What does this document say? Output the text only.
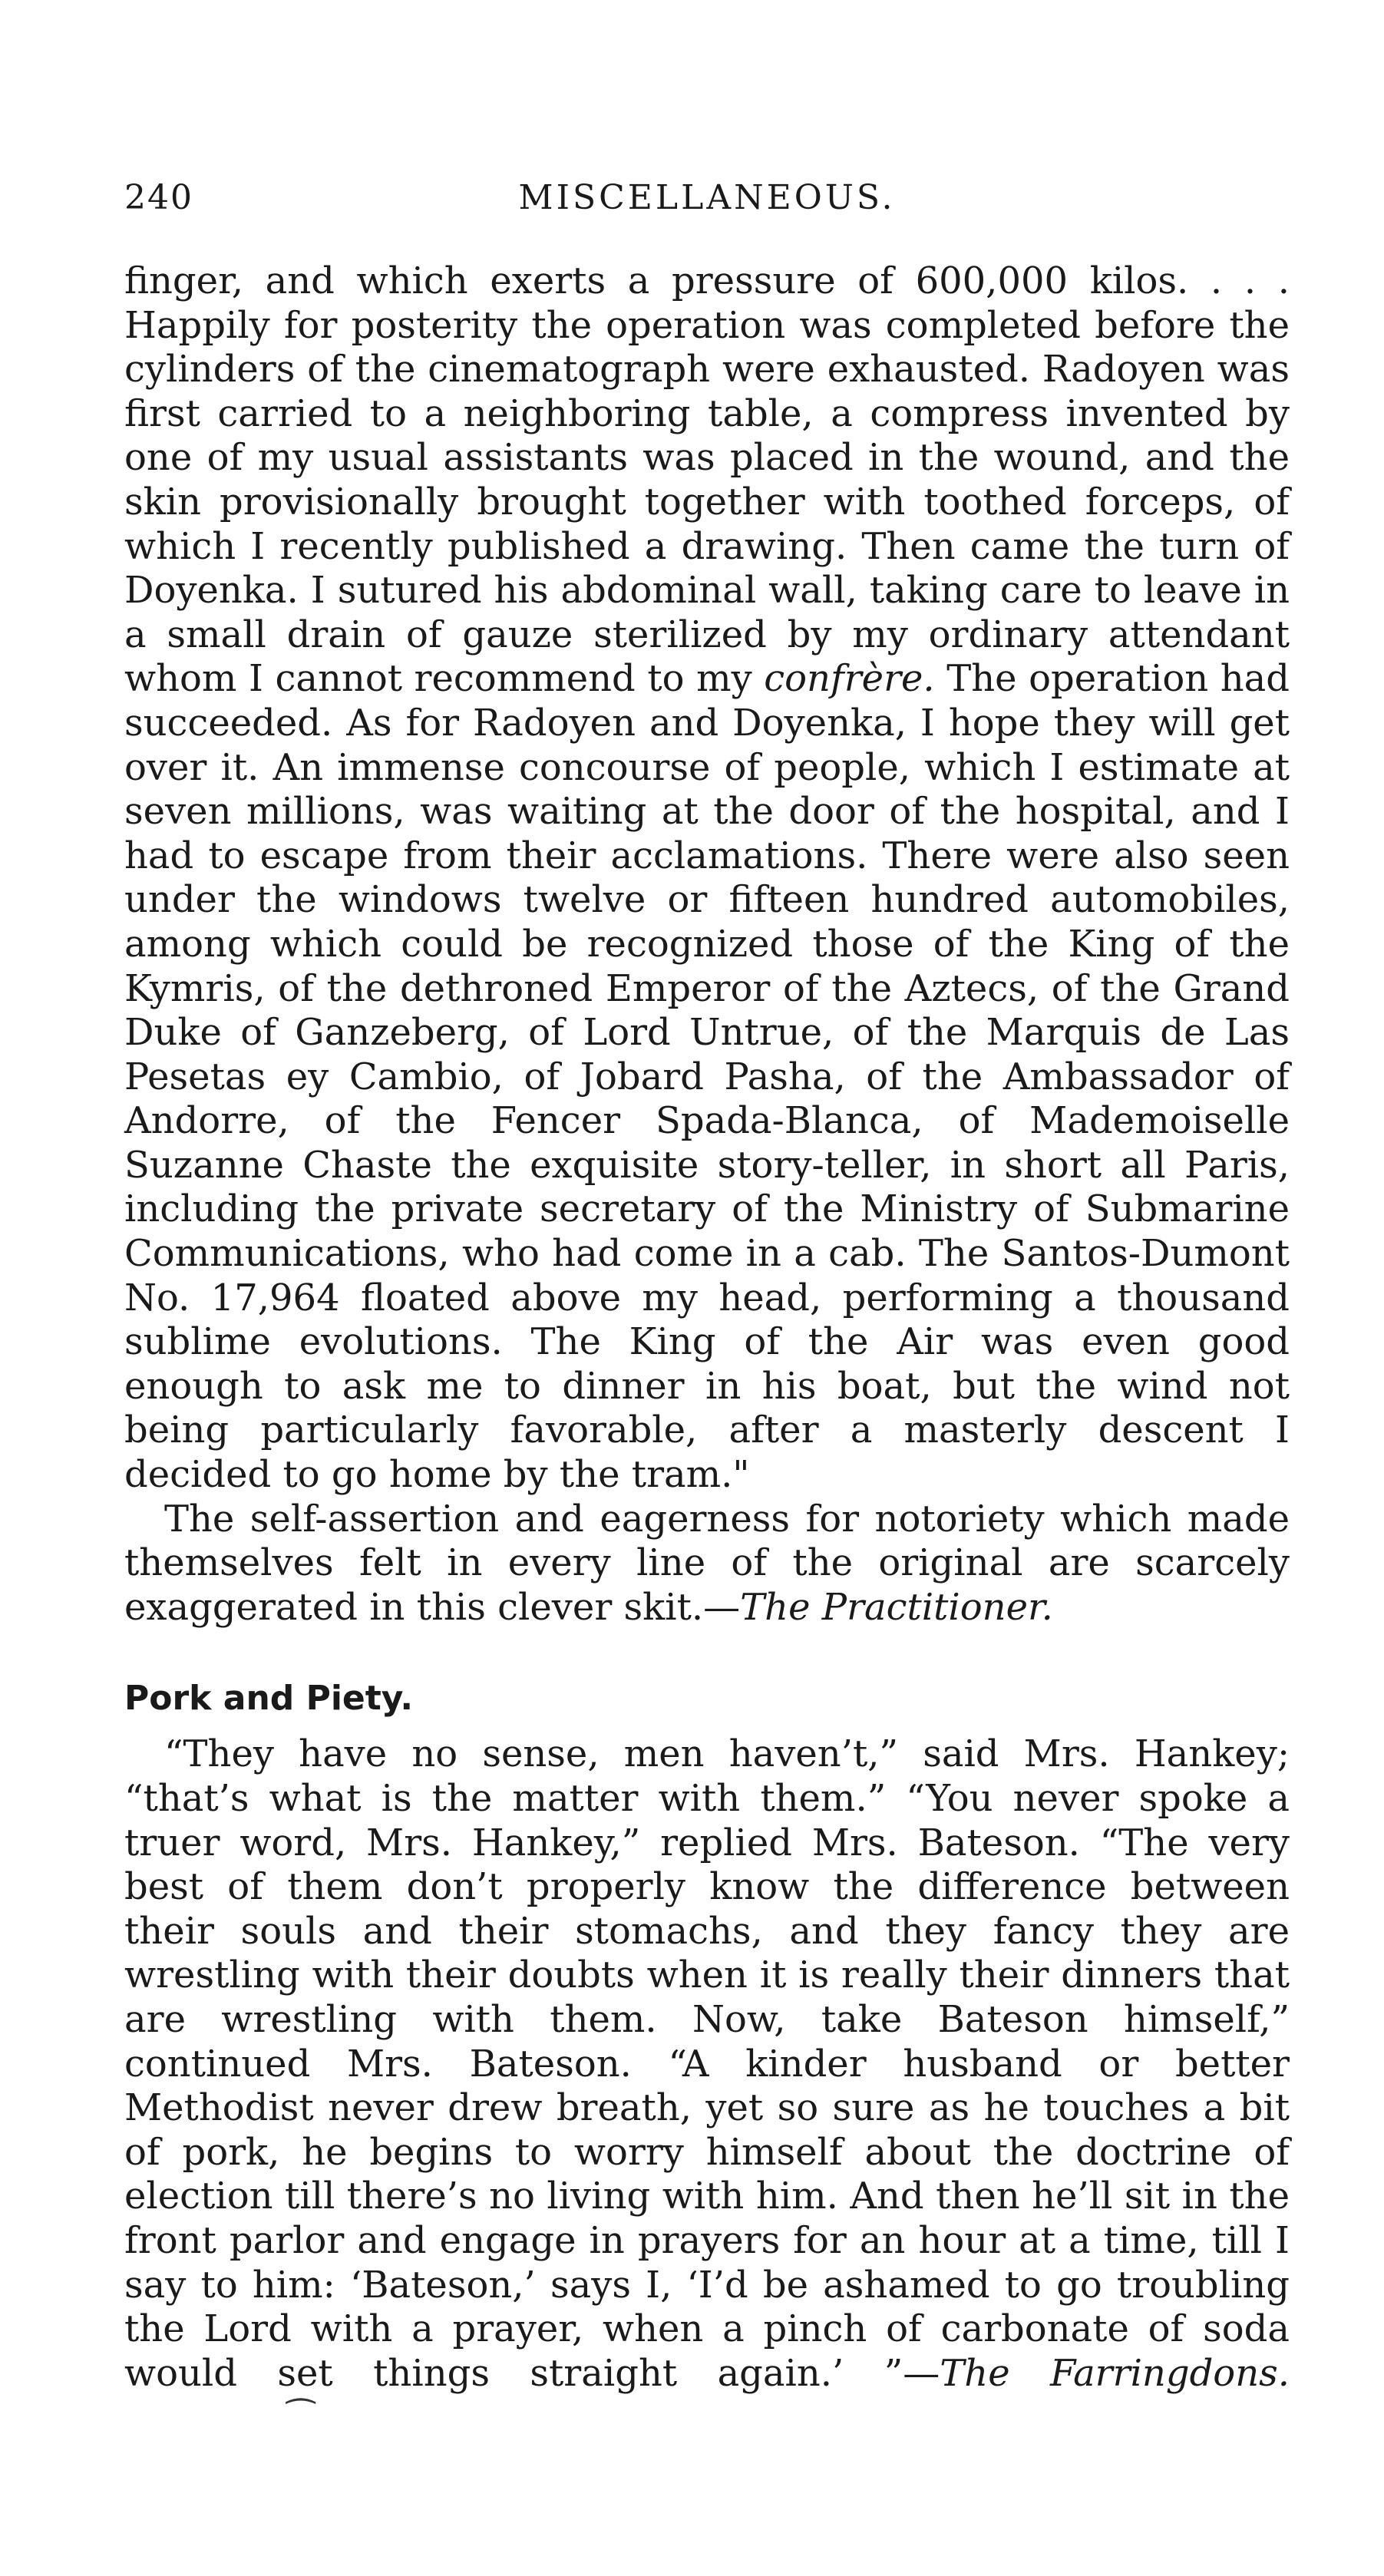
240	MISCELLANEOUS.

finger, and which exerts a pressure of 600,000 kilos. . . . Happily for posterity the operation was completed before the cylinders of the cinematograph were exhausted. Radoyen was first carried to a neighboring table, a compress invented by one of my usual assistants was placed in the wound, and the skin provisionally brought together with toothed forceps, of which I recently published a drawing. Then came the turn of Doyenka. I sutured his abdominal wall, taking care to leave in a small drain of gauze sterilized by my ordinary attendant whom I cannot recommend to my confrère. The operation had succeeded. As for Radoyen and Doyenka, I hope they will get over it. An immense concourse of people, which I estimate at seven millions, was waiting at the door of the hospital, and I had to escape from their acclamations. There were also seen under the windows twelve or fifteen hundred automobiles, among which could be recognized those of the King of the Kymris, of the dethroned Emperor of the Aztecs, of the Grand Duke of Ganzeberg, of Lord Untrue, of the Marquis de Las Pesetas ey Cambio, of Jobard Pasha, of the Ambassador of Andorre, of the Fencer Spada-Blanca, of Mademoiselle Suzanne Chaste the exquisite story-teller, in short all Paris, including the private secretary of the Ministry of Submarine Communications, who had come in a cab. The Santos-Dumont No. 17,964 floated above my head, performing a thousand sublime evolutions. The King of the Air was even good enough to ask me to dinner in his boat, but the wind not being particularly favorable, after a masterly descent I decided to go home by the tram."

The self-assertion and eagerness for notoriety which made themselves felt in every line of the original are scarcely exaggerated in this clever skit.—The Practitioner.

Pork and Piety.

“They have no sense, men haven’t,” said Mrs. Hankey; “that’s what is the matter with them.” “You never spoke a truer word, Mrs. Hankey,” replied Mrs. Bateson. “The very best of them don’t properly know the difference between their souls and their stomachs, and they fancy they are wrestling with their doubts when it is really their dinners that are wrestling with them. Now, take Bateson himself,” continued Mrs. Bateson. “A kinder husband or better Methodist never drew breath, yet so sure as he touches a bit of pork, he begins to worry himself about the doctrine of election till there’s no living with him. And then he’ll sit in the front parlor and engage in prayers for an hour at a time, till I say to him: ‘Bateson,’ says I, ‘I’d be ashamed to go troubling the Lord with a prayer, when a pinch of carbonate of soda would set things straight again.’ ”—The Farringdons.⁀
